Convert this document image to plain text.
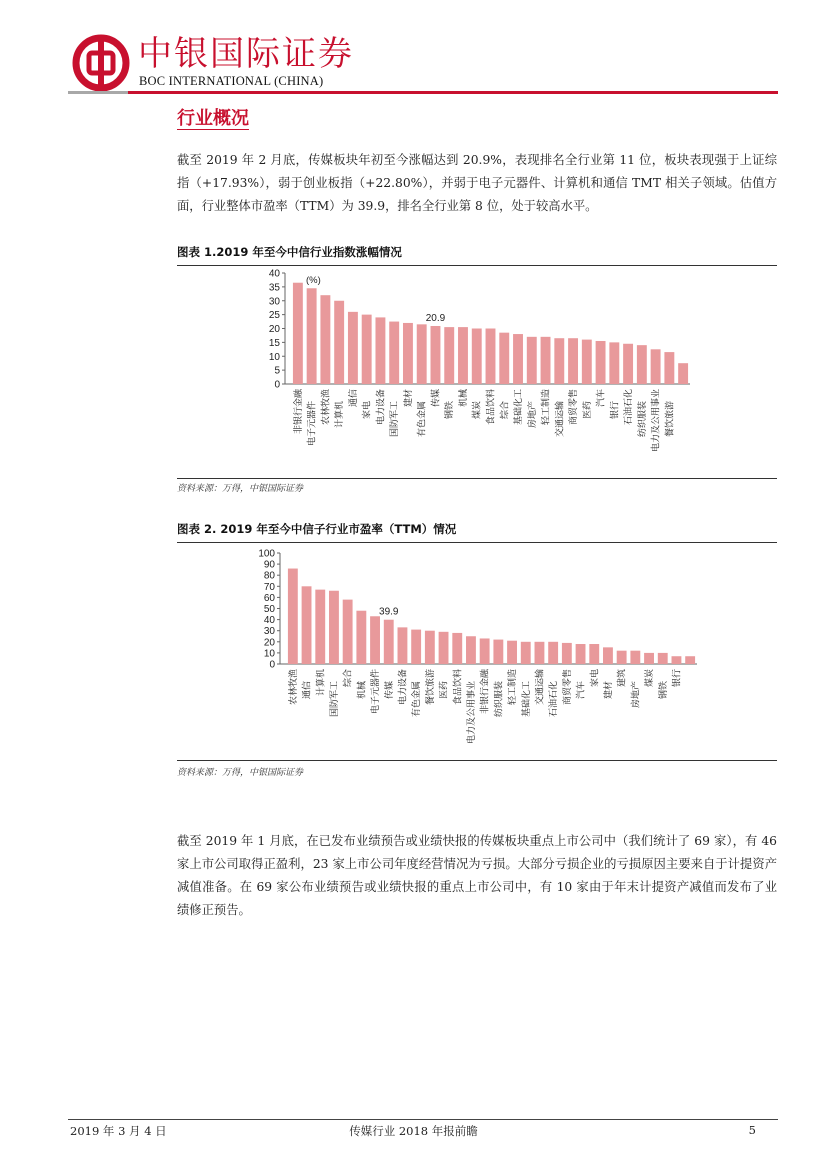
中银国际证券
BOC INTERNATIONAL (CHINA)
行业概况

截至 2019 年 2 月底，传媒板块年初至今涨幅达到 20.9%，表现排名全行业第 11 位，板块表现强于上证综指（+17.93%），弱于创业板指（+22.80%），并弱于电子元器件、计算机和通信 TMT 相关子领域。估值方面，行业整体市盈率（TTM）为 39.9，排名全行业第 8 位，处于较高水平。

图表 1.2019 年至今中信行业指数涨幅情况
0
5
10
15
20
25
30
35
40
(%)
非银行金融 电子元器件 农林牧渔 计算机
通信
家电 电力设备 国防军工
建材
有色金属
20.9
传媒
钢铁
机械
煤炭 食品饮料 综合 基础化工 房地产 轻工制造 交通运输 商贸零售 医药
汽车
银行 石油石化 纺织服装 电力及公用事业 餐饮旅游
资料来源：万得，中银国际证券
图表 2. 2019 年至今中信子行业市盈率（TTM）情况
0
10
20
30
40
50
60
70
80
90
100
农林牧渔 通信 计算机 国防军工
综合
机械 电子元器件
39.9
传媒 电力设备 有色金属 餐饮旅游 医药 食品饮料 电力及公用事业 非银行金融 纺织服装 轻工制造 基础化工 交通运输 石油石化 商贸零售 汽车
家电
建材
建筑
房地产
煤炭
钢铁
银行
资料来源：万得，中银国际证券

截至 2019 年 1 月底，在已发布业绩预告或业绩快报的传媒板块重点上市公司中（我们统计了 69 家），有 46 家上市公司取得正盈利，23 家上市公司年度经营情况为亏损。大部分亏损企业的亏损原因主要来自于计提资产减值准备。在 69 家公布业绩预告或业绩快报的重点上市公司中，有 10 家由于年末计提资产减值而发布了业绩修正预告。

2019 年 3 月 4 日	传媒行业 2018 年报前瞻	5
